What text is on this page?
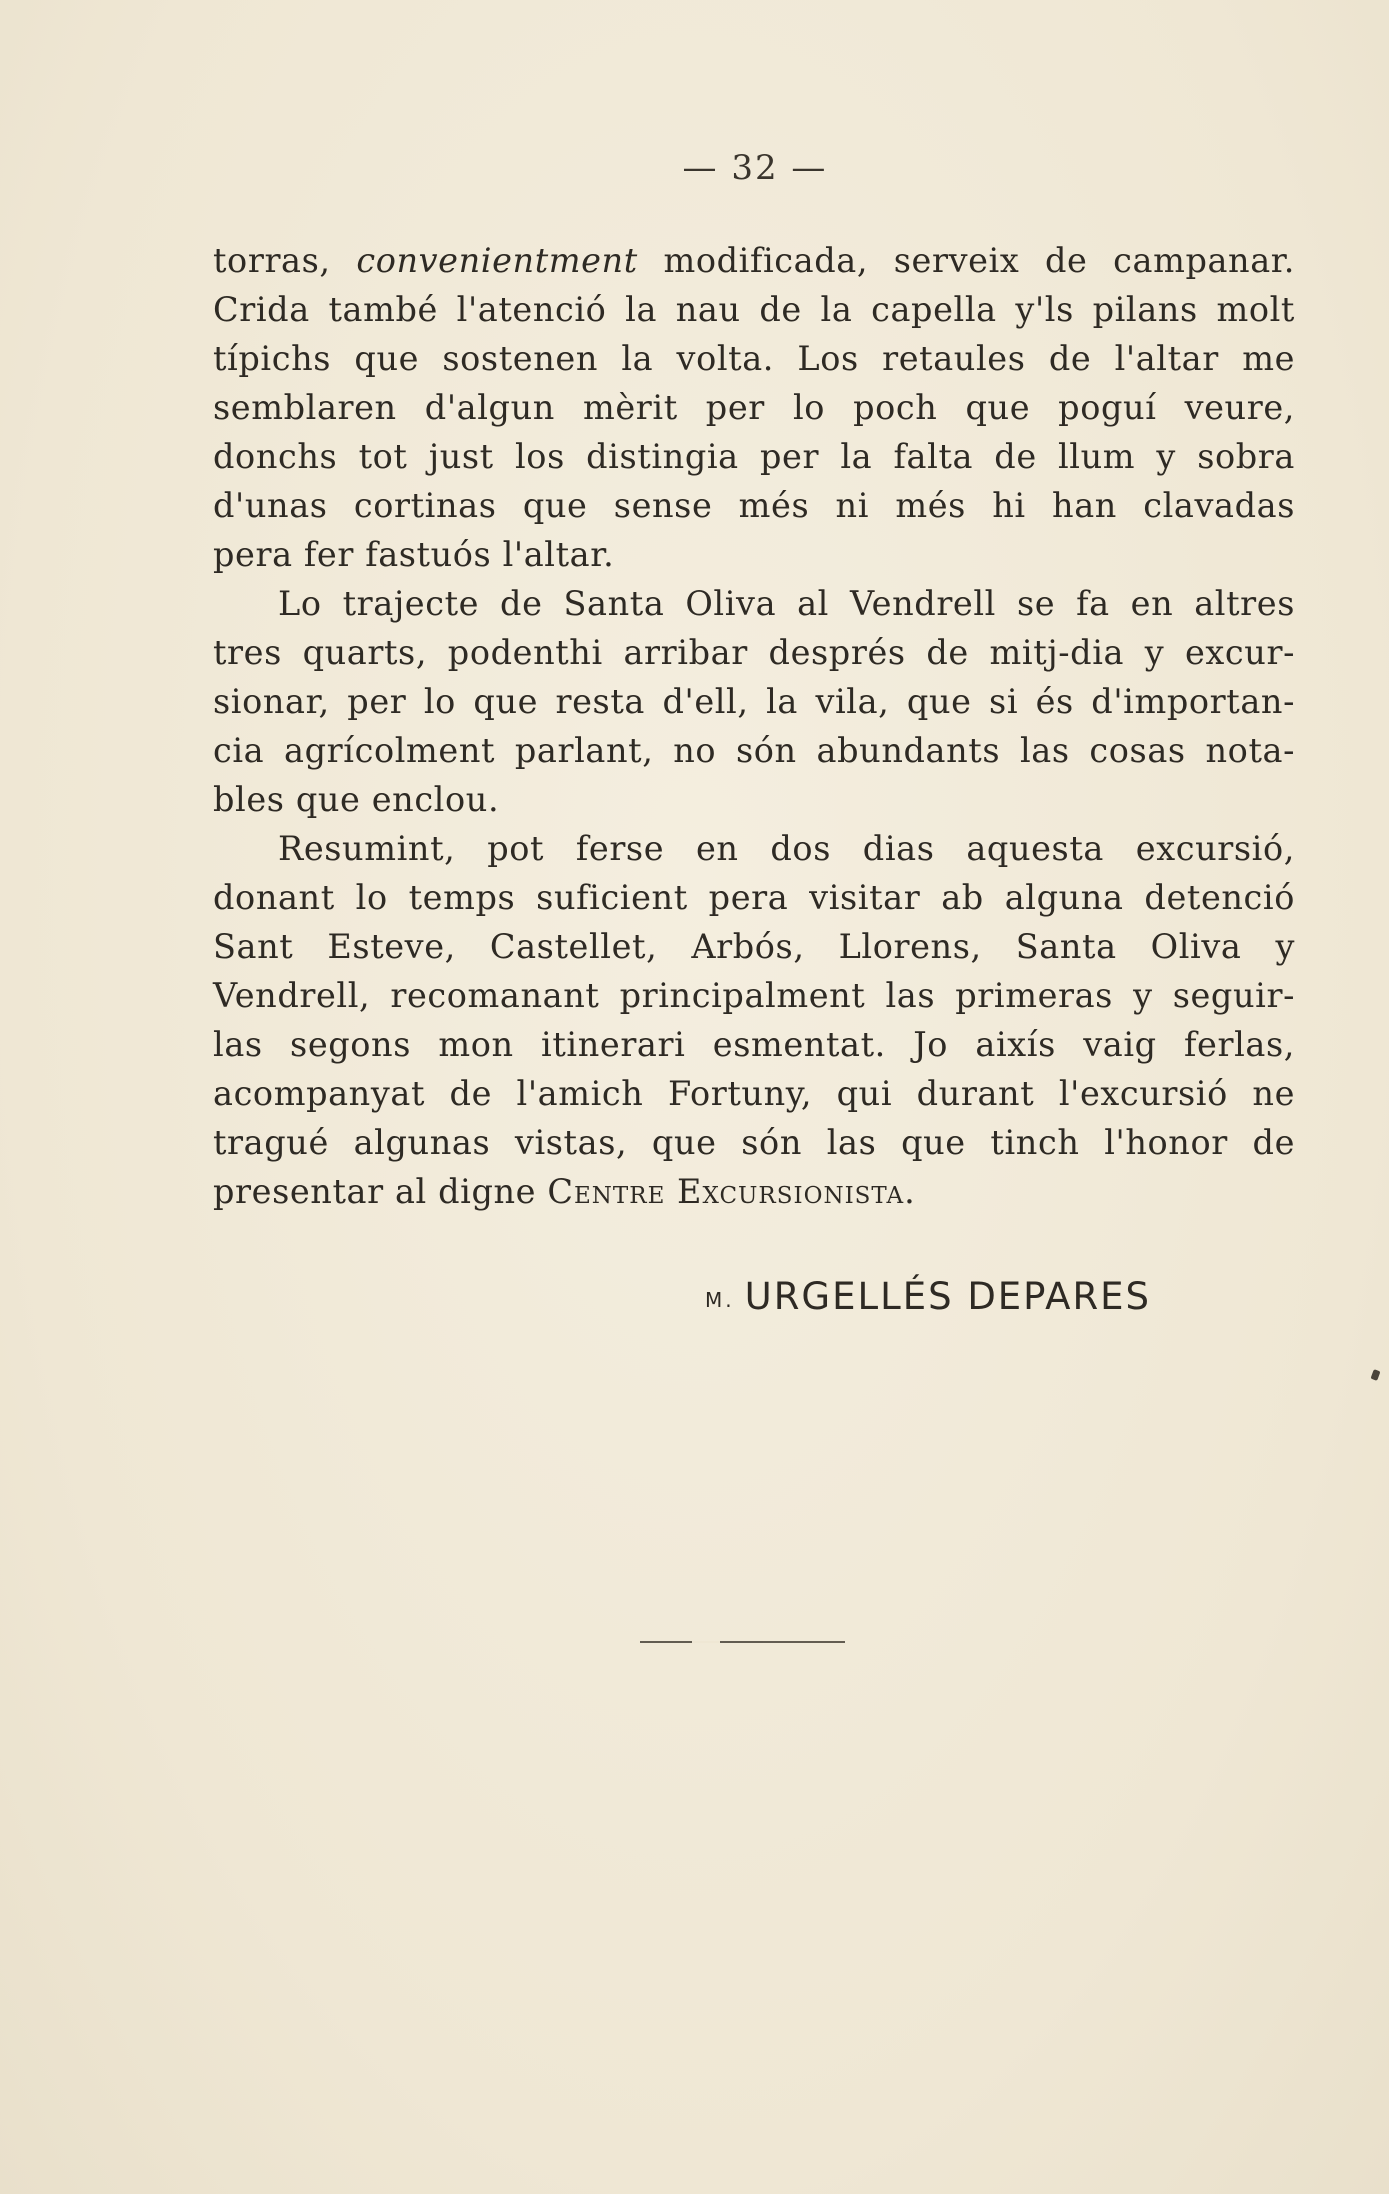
— 32 —
torras, convenientment modificada, serveix de campanar.
Crida també l'atenció la nau de la capella y'ls pilans molt
típichs que sostenen la volta. Los retaules de l'altar me
semblaren d'algun mèrit per lo poch que poguí veure,
donchs tot just los distingia per la falta de llum y sobra
d'unas cortinas que sense més ni més hi han clavadas
pera fer fastuós l'altar.
Lo trajecte de Santa Oliva al Vendrell se fa en altres
tres quarts, podenthi arribar després de mitj-dia y excur-
sionar, per lo que resta d'ell, la vila, que si és d'importan-
cia agrícolment parlant, no són abundants las cosas nota-
bles que enclou.
Resumint, pot ferse en dos dias aquesta excursió,
donant lo temps suficient pera visitar ab alguna detenció
Sant Esteve, Castellet, Arbós, Llorens, Santa Oliva y
Vendrell, recomanant principalment las primeras y seguir-
las segons mon itinerari esmentat. Jo aixís vaig ferlas,
acompanyat de l'amich Fortuny, qui durant l'excursió ne
tragué algunas vistas, que són las que tinch l'honor de
presentar al digne Centre Excursionista.
M. URGELLÉS DEPARES
